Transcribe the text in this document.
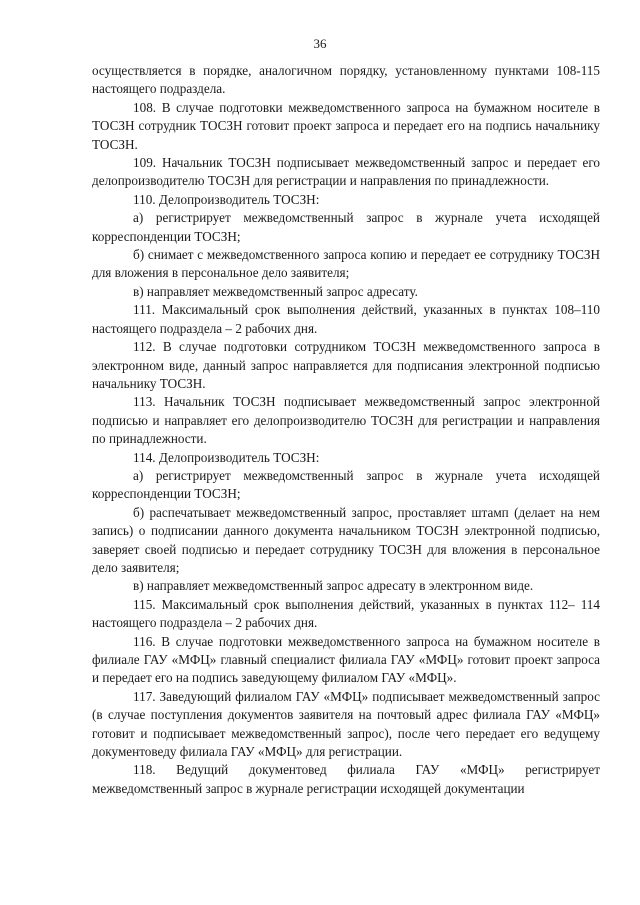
36

осуществляется в порядке, аналогичном порядку, установленному пунктами 108-115 настоящего подраздела.

108. В случае подготовки межведомственного запроса на бумажном носителе в ТОСЗН сотрудник ТОСЗН готовит проект запроса и передает его на подпись начальнику ТОСЗН.

109. Начальник ТОСЗН подписывает межведомственный запрос и передает его делопроизводителю ТОСЗН для регистрации и направления по принадлежности.

110. Делопроизводитель ТОСЗН:

а) регистрирует межведомственный запрос в журнале учета исходящей корреспонденции ТОСЗН;

б) снимает с межведомственного запроса копию и передает ее сотруднику ТОСЗН для вложения в персональное дело заявителя;

в) направляет межведомственный запрос адресату.

111. Максимальный срок выполнения действий, указанных в пунктах 108–110 настоящего подраздела – 2 рабочих дня.

112. В случае подготовки сотрудником ТОСЗН межведомственного запроса в электронном виде, данный запрос направляется для подписания электронной подписью начальнику ТОСЗН.

113. Начальник ТОСЗН подписывает межведомственный запрос электронной подписью и направляет его делопроизводителю ТОСЗН для регистрации и направления по принадлежности.

114. Делопроизводитель ТОСЗН:

а) регистрирует межведомственный запрос в журнале учета исходящей корреспонденции ТОСЗН;

б) распечатывает межведомственный запрос, проставляет штамп (делает на нем запись) о подписании данного документа начальником ТОСЗН электронной подписью, заверяет своей подписью и передает сотруднику ТОСЗН для вложения в персональное дело заявителя;

в) направляет межведомственный запрос адресату в электронном виде.

115. Максимальный срок выполнения действий, указанных в пунктах 112– 114 настоящего подраздела – 2 рабочих дня.

116. В случае подготовки межведомственного запроса на бумажном носителе в филиале ГАУ «МФЦ» главный специалист филиала ГАУ «МФЦ» готовит проект запроса и передает его на подпись заведующему филиалом ГАУ «МФЦ».

117. Заведующий филиалом ГАУ «МФЦ» подписывает межведомственный запрос (в случае поступления документов заявителя на почтовый адрес филиала ГАУ «МФЦ» готовит и подписывает межведомственный запрос), после чего передает его ведущему документоведу филиала ГАУ «МФЦ» для регистрации.

118. Ведущий документовед филиала ГАУ «МФЦ» регистрирует межведомственный запрос в журнале регистрации исходящей документации
